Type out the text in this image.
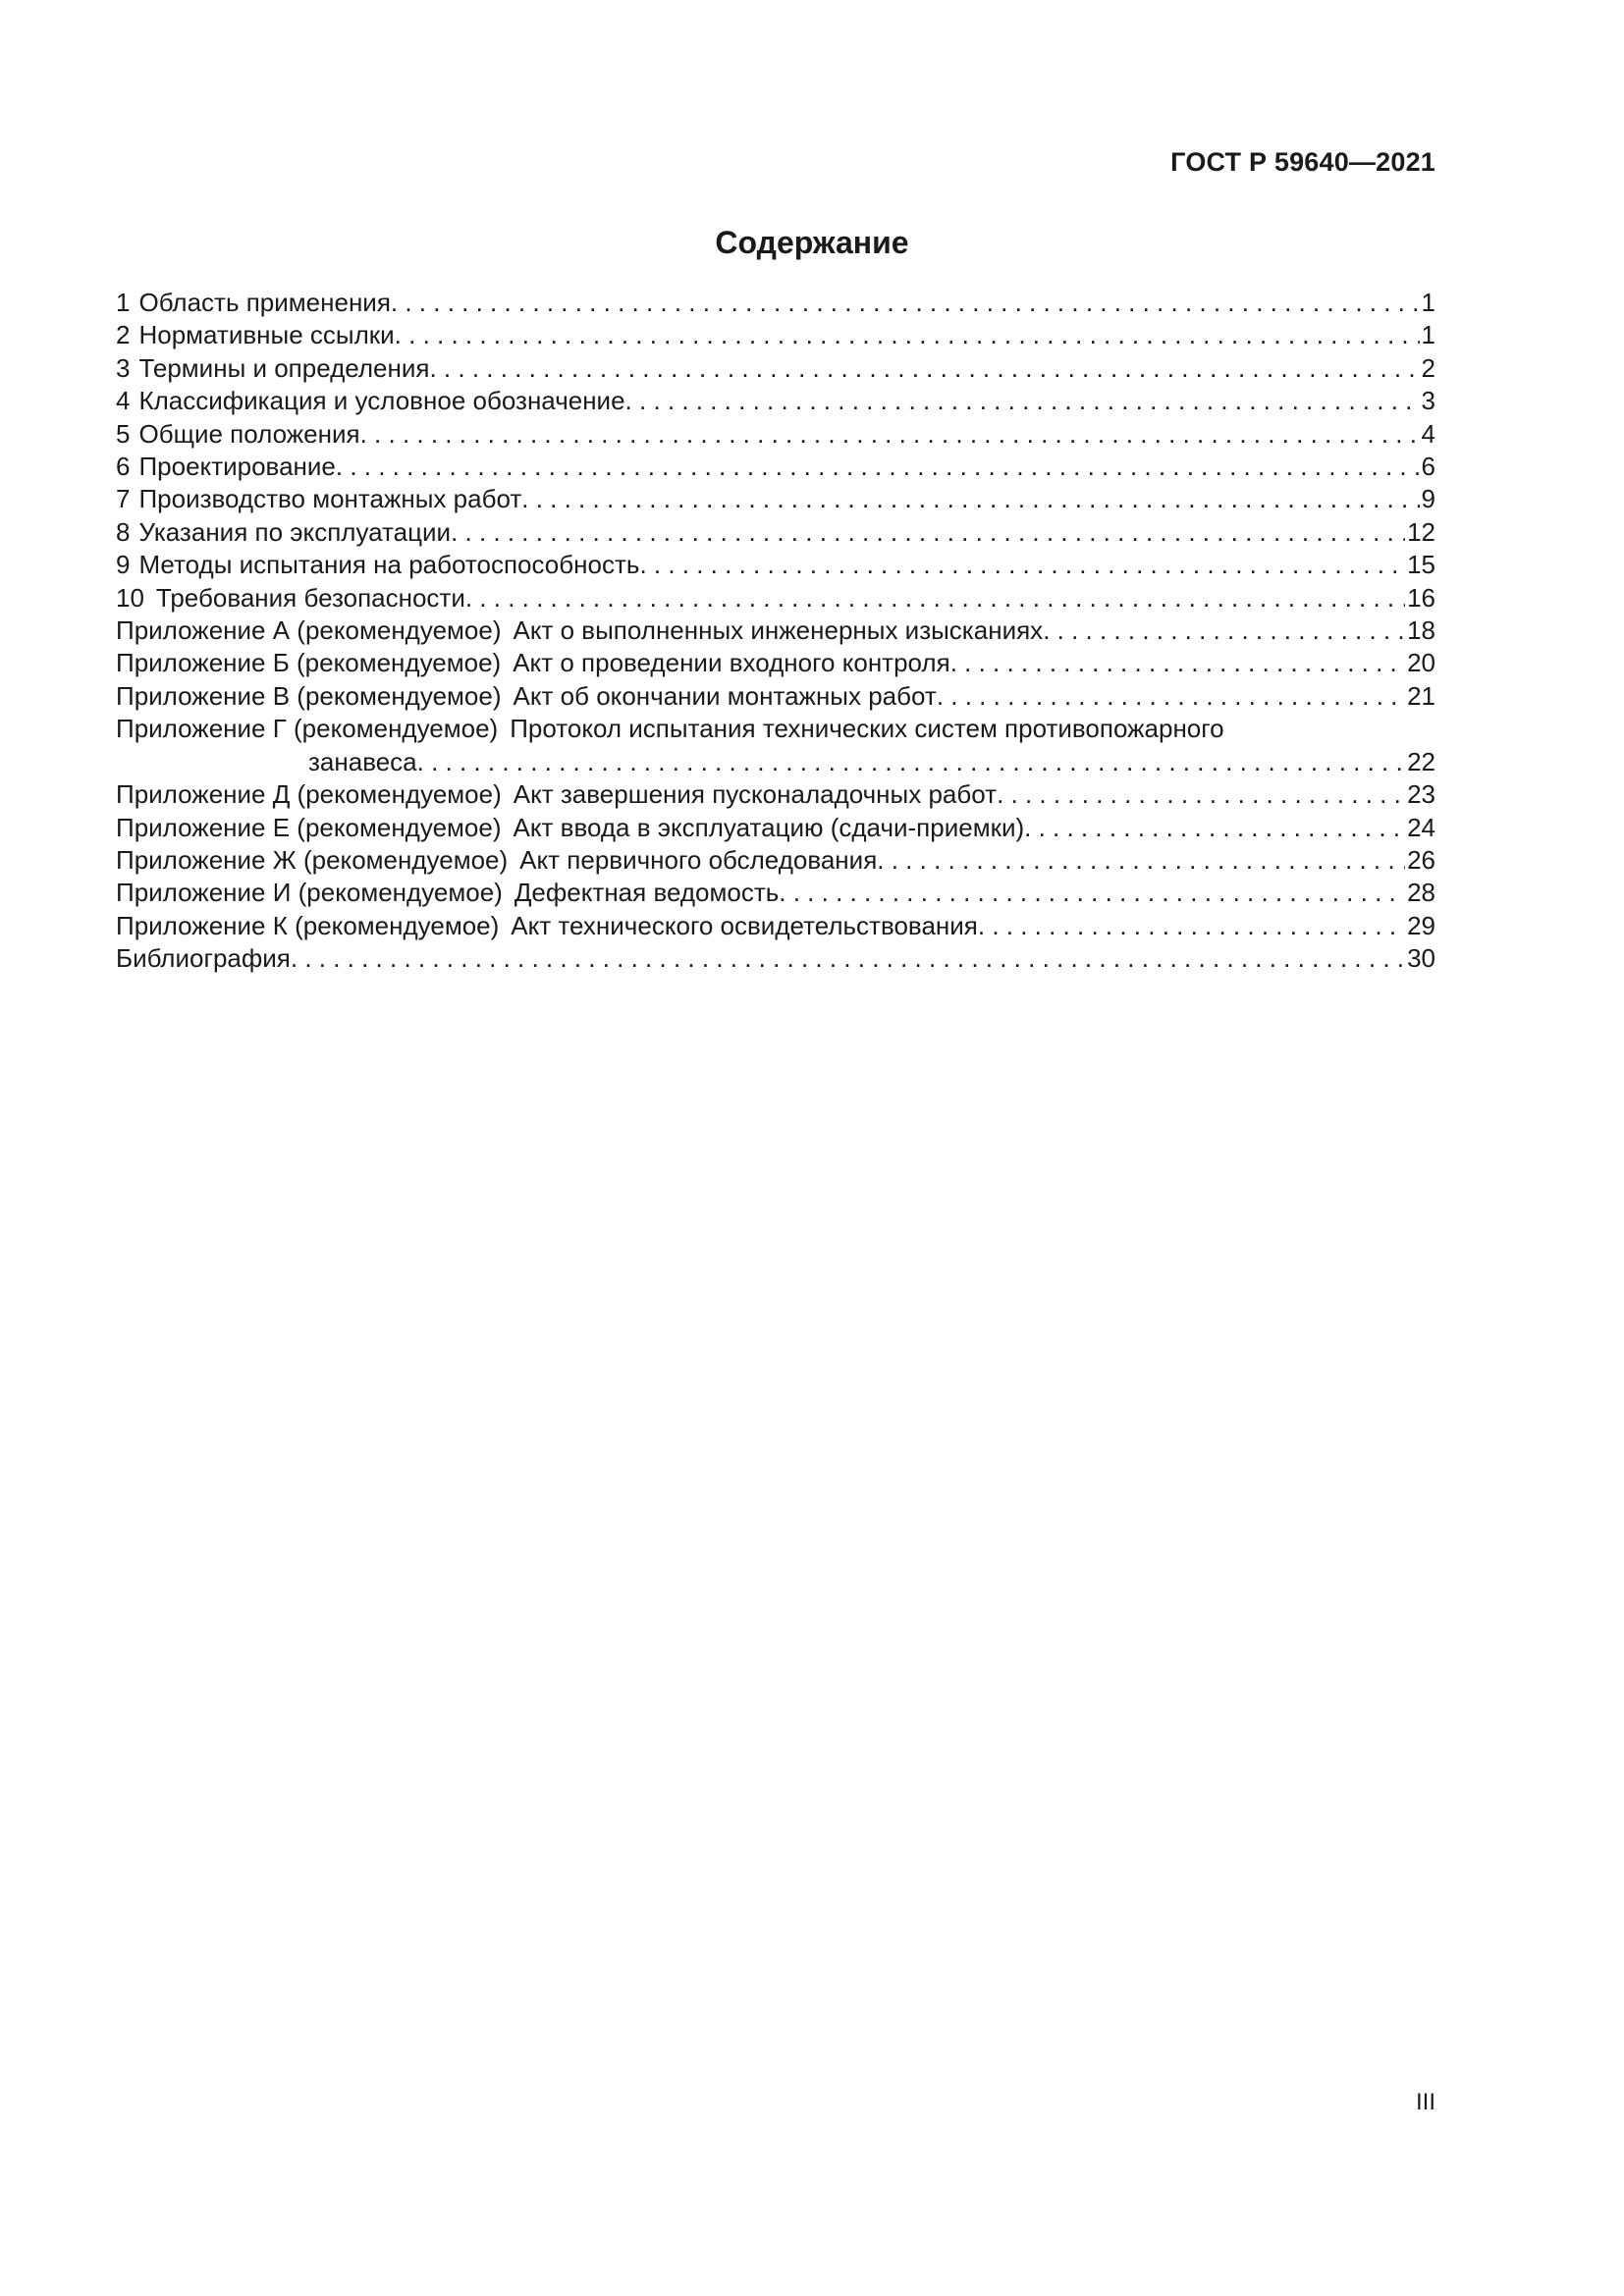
ГОСТ Р 59640—2021
Содержание
1 Область применения . . .	1
2 Нормативные ссылки . . .	1
3 Термины и определения . . .	2
4 Классификация и условное обозначение . . .	3
5 Общие положения . . .	4
6 Проектирование . . .	6
7 Производство монтажных работ . . .	9
8 Указания по эксплуатации . . .	12
9 Методы испытания на работоспособность . . .	15
10 Требования безопасности . . .	16
Приложение А (рекомендуемое) Акт о выполненных инженерных изысканиях . . .	18
Приложение Б (рекомендуемое) Акт о проведении входного контроля . . .	20
Приложение В (рекомендуемое) Акт об окончании монтажных работ . . .	21
Приложение Г (рекомендуемое) Протокол испытания технических систем противопожарного
занавеса . . .	22
Приложение Д (рекомендуемое) Акт завершения пусконаладочных работ . . .	23
Приложение Е (рекомендуемое) Акт ввода в эксплуатацию (сдачи-приемки) . . .	24
Приложение Ж (рекомендуемое) Акт первичного обследования . . .	26
Приложение И (рекомендуемое) Дефектная ведомость . . .	28
Приложение К (рекомендуемое) Акт технического освидетельствования . . .	29
Библиография . . .	30
III
